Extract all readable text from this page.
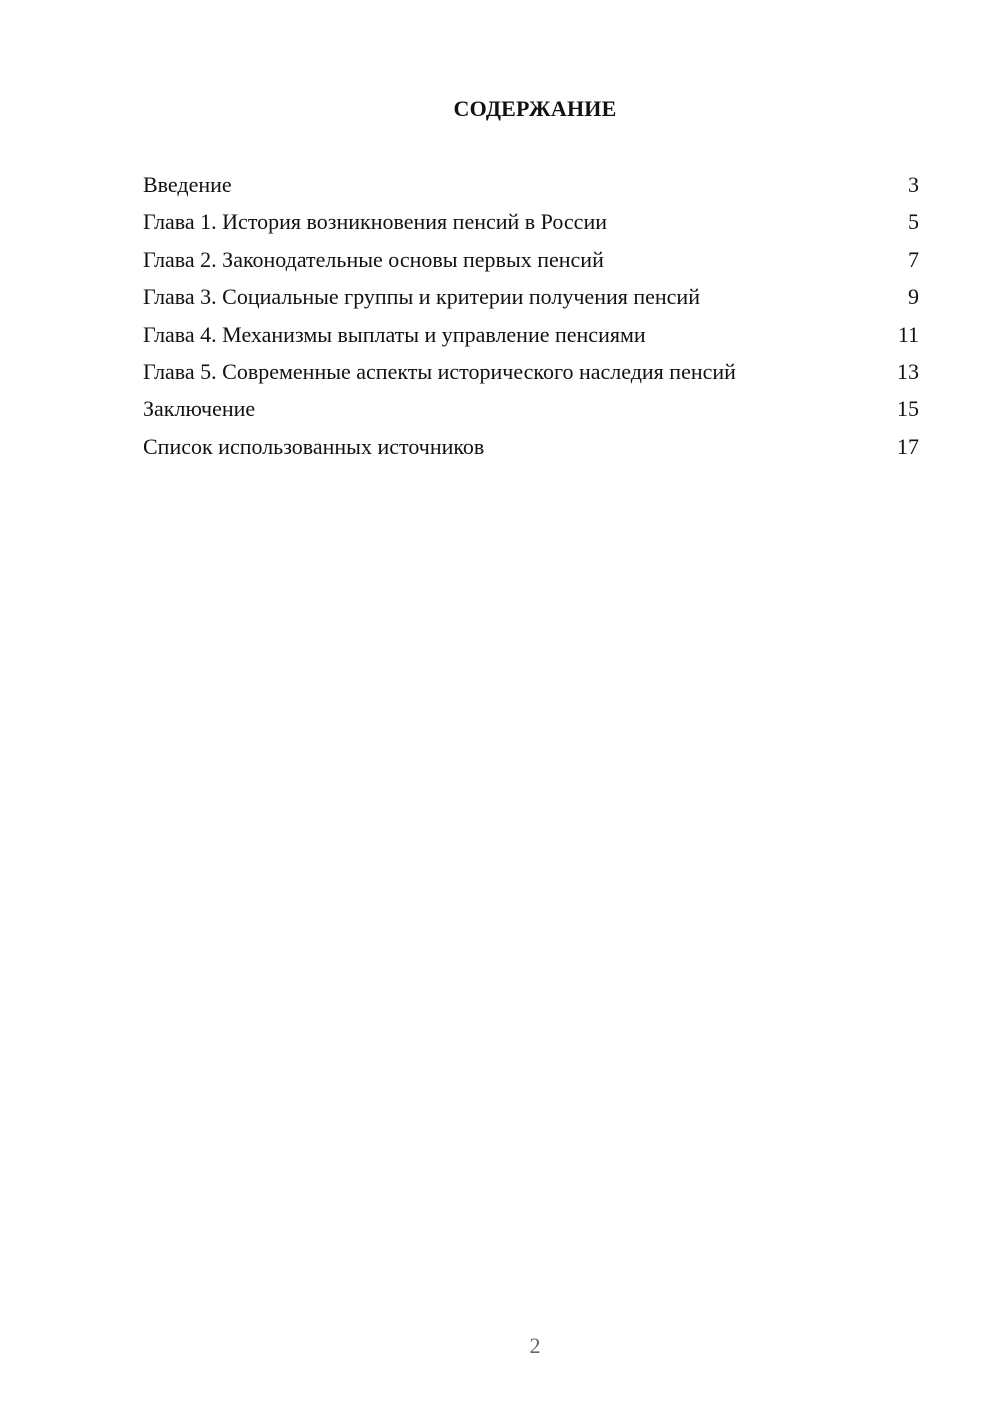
СОДЕРЖАНИЕ
Введение	3
Глава 1. История возникновения пенсий в России	5
Глава 2. Законодательные основы первых пенсий	7
Глава 3. Социальные группы и критерии получения пенсий	9
Глава 4. Механизмы выплаты и управление пенсиями	11
Глава 5. Современные аспекты исторического наследия пенсий	13
Заключение	15
Список использованных источников	17
2
